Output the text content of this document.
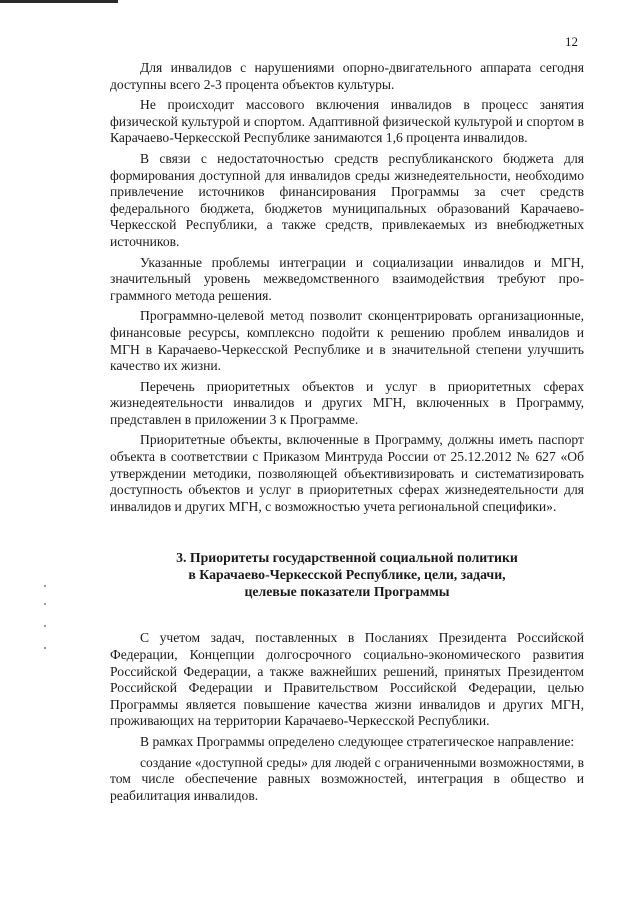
12

Для инвалидов с нарушениями опорно-двигательного аппарата сегодня доступны всего 2-3 процента объектов культуры.

Не происходит массового включения инвалидов в процесс занятия физической культурой и спортом. Адаптивной физической культурой и спортом в Карачаево-Черкесской Республике занимаются 1,6 процента инвалидов.

В связи с недостаточностью средств республиканского бюджета для формирования доступной для инвалидов среды жизнедеятельности, необходимо привлечение источников финансирования Программы за счет средств федерального бюджета, бюджетов муниципальных образований Карачаево-Черкесской Республики, а также средств, привлекаемых из внебюджетных источников.

Указанные проблемы интеграции и социализации инвалидов и МГН, значительный уровень межведомственного взаимодействия требуют программного метода решения.

Программно-целевой метод позволит сконцентрировать организационные, финансовые ресурсы, комплексно подойти к решению проблем инвалидов и МГН в Карачаево-Черкесской Республике и в значительной степени улучшить качество их жизни.

Перечень приоритетных объектов и услуг в приоритетных сферах жизнедеятельности инвалидов и других МГН, включенных в Программу, представлен в приложении 3 к Программе.

Приоритетные объекты, включенные в Программу, должны иметь паспорт объекта в соответствии с Приказом Минтруда России от 25.12.2012 № 627 «Об утверждении методики, позволяющей объективизировать и систематизировать доступность объектов и услуг в приоритетных сферах жизнедеятельности для инвалидов и других МГН, с возможностью учета региональной специфики».

3. Приоритеты государственной социальной политики
в Карачаево-Черкесской Республике, цели, задачи,
целевые показатели Программы

С учетом задач, поставленных в Посланиях Президента Российской Федерации, Концепции долгосрочного социально-экономического развития Российской Федерации, а также важнейших решений, принятых Президентом Российской Федерации и Правительством Российской Федерации, целью Программы является повышение качества жизни инвалидов и других МГН, проживающих на территории Карачаево-Черкесской Республики.

В рамках Программы определено следующее стратегическое направление:

создание «доступной среды» для людей с ограниченными возможностями, в том числе обеспечение равных возможностей, интеграция в общество и реабилитация инвалидов.
